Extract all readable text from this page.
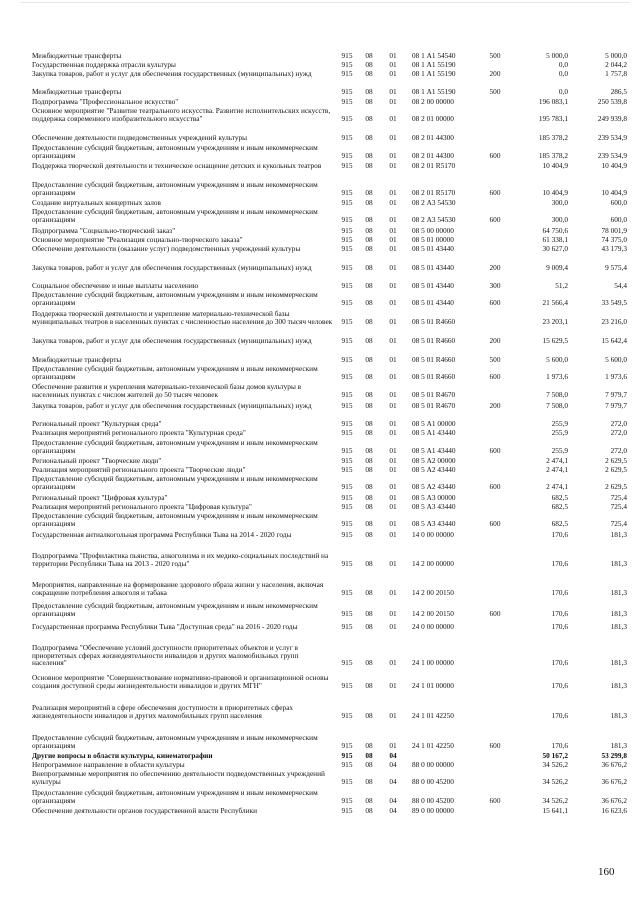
Межбюджетные трансферты	915	08	01	08 1 А1 54540	500	5 000,0	5 000,0
Государственная поддержка отрасли культуры	915	08	01	08 1 А1 55190	0,0	2 044,2
Закупка товаров, работ и услуг для обеспечения государственных (муниципальных) нужд	915	08	01	08 1 А1 55190	200	0,0	1 757,8
Межбюджетные трансферты	915	08	01	08 1 А1 55190	500	0,0	286,5
Подпрограмма "Профессиональное искусство"	915	08	01	08 2 00 00000	196 083,1	250 539,8
Основное мероприятие "Развитие театрального искусства. Развитие исполнительских искусств, поддержка современного изобразительного искусства"	915	08	01	08 2 01 00000	195 783,1	249 939,8
Обеспечение деятельности подведомственных учреждений культуры	915	08	01	08 2 01 44300	185 378,2	239 534,9
Предоставление субсидий бюджетным, автономным учреждениям и иным некоммерческим организациям	915	08	01	08 2 01 44300	600	185 378,2	239 534,9
Поддержка творческой деятельности и техническое оснащение детских и кукольных театров	915	08	01	08 2 01 R5170	10 404,9	10 404,9
Предоставление субсидий бюджетным, автономным учреждениям и иным некоммерческим организациям	915	08	01	08 2 01 R5170	600	10 404,9	10 404,9
Создание виртуальных концертных залов	915	08	01	08 2 А3 54530	300,0	600,0
Предоставление субсидий бюджетным, автономным учреждениям и иным некоммерческим организациям	915	08	01	08 2 А3 54530	600	300,0	600,0
Подпрограмма "Социально-творческий заказ"	915	08	01	08 5 00 00000	64 750,6	78 001,9
Основное мероприятие "Реализация социально-творческого заказа"	915	08	01	08 5 01 00000	61 338,1	74 375,0
Обеспечение деятельности (оказание услуг) подведомственных учреждений культуры	915	08	01	08 5 01 43440	30 627,0	43 179,3
Закупка товаров, работ и услуг для обеспечения государственных (муниципальных) нужд	915	08	01	08 5 01 43440	200	9 009,4	9 575,4
Социальное обеспечение и иные выплаты населению	915	08	01	08 5 01 43440	300	51,2	54,4
Предоставление субсидий бюджетным, автономным учреждениям и иным некоммерческим организациям	915	08	01	08 5 01 43440	600	21 566,4	33 549,5
Поддержка творческой деятельности и укрепление материально-технической базы муниципальных театров в населенных пунктах с численностью населения до 300 тысяч человек	915	08	01	08 5 01 R4660	23 203,1	23 216,0
Закупка товаров, работ и услуг для обеспечения государственных (муниципальных) нужд	915	08	01	08 5 01 R4660	200	15 629,5	15 642,4
Межбюджетные трансферты	915	08	01	08 5 01 R4660	500	5 600,0	5 600,0
Предоставление субсидий бюджетным, автономным учреждениям и иным некоммерческим организациям	915	08	01	08 5 01 R4660	600	1 973,6	1 973,6
Обеспечение развития и укрепления материально-технической базы домов культуры в населенных пунктах с числом жителей до 50 тысяч человек	915	08	01	08 5 01 R4670	7 508,0	7 979,7
Закупка товаров, работ и услуг для обеспечения государственных (муниципальных) нужд	915	08	01	08 5 01 R4670	200	7 508,0	7 979,7
Региональный проект "Культурная среда"	915	08	01	08 5 А1 00000	255,9	272,0
Реализация мероприятий регионального проекта "Культурная среда"	915	08	01	08 5 А1 43440	255,9	272,0
Предоставление субсидий бюджетным, автономным учреждениям и иным некоммерческим организациям	915	08	01	08 5 А1 43440	600	255,9	272,0
Региональный проект "Творческие люди"	915	08	01	08 5 А2 00000	2 474,1	2 629,5
Реализация мероприятий регионального проекта "Творческие люди"	915	08	01	08 5 А2 43440	2 474,1	2 629,5
Предоставление субсидий бюджетным, автономным учреждениям и иным некоммерческим организациям	915	08	01	08 5 А2 43440	600	2 474,1	2 629,5
Региональный проект "Цифровая культура"	915	08	01	08 5 А3 00000	682,5	725,4
Реализация мероприятий регионального проекта "Цифровая культура"	915	08	01	08 5 А3 43440	682,5	725,4
Предоставление субсидий бюджетным, автономным учреждениям и иным некоммерческим организациям	915	08	01	08 5 А3 43440	600	682,5	725,4
Государственная антиалкогольная программа Республики Тыва на 2014 - 2020 годы	915	08	01	14 0 00 00000	170,6	181,3
Подпрограмма "Профилактика пьянства, алкоголизма и их медико-социальных последствий на территории Республики Тыва на 2013 - 2020 годы"	915	08	01	14 2 00 00000	170,6	181,3
Мероприятия, направленные на формирование здорового образа жизни у населения, включая сокращение потребления алкоголя и табака	915	08	01	14 2 00 20150	170,6	181,3
Предоставление субсидий бюджетным, автономным учреждениям и иным некоммерческим организациям	915	08	01	14 2 00 20150	600	170,6	181,3
Государственная программа Республики Тыва "Доступная среда" на 2016 - 2020 годы	915	08	01	24 0 00 00000	170,6	181,3
Подпрограмма "Обеспечение условий доступности приоритетных объектов и услуг в приоритетных сферах жизнедеятельности инвалидов и других маломобильных групп населения"	915	08	01	24 1 00 00000	170,6	181,3
Основное мероприятие "Совершенствование нормативно-правовой и организационной основы создания доступной среды жизнедеятельности инвалидов и других МГН"	915	08	01	24 1 01 00000	170,6	181,3
Реализация мероприятий в сфере обеспечения доступности в приоритетных сферах жизнедеятельности инвалидов и других маломобильных групп населения	915	08	01	24 1 01 42250	170,6	181,3
Предоставление субсидий бюджетным, автономным учреждениям и иным некоммерческим организациям	915	08	01	24 1 01 42250	600	170,6	181,3
Другие вопросы в области культуры, кинематографии	915	08	04	50 167,2	53 299,8
Непрограммное направление в области культуры	915	08	04	88 0 00 00000	34 526,2	36 676,2
Внепрограммные мероприятия по обеспечению деятельности подведомственных учреждений культуры	915	08	04	88 0 00 45200	34 526,2	36 676,2
Предоставление субсидий бюджетным, автономным учреждениям и иным некоммерческим организациям	915	08	04	88 0 00 45200	600	34 526,2	36 676,2
Обеспечение деятельности органов государственной власти Республики	915	08	04	89 0 00 00000	15 641,1	16 623,6
160
